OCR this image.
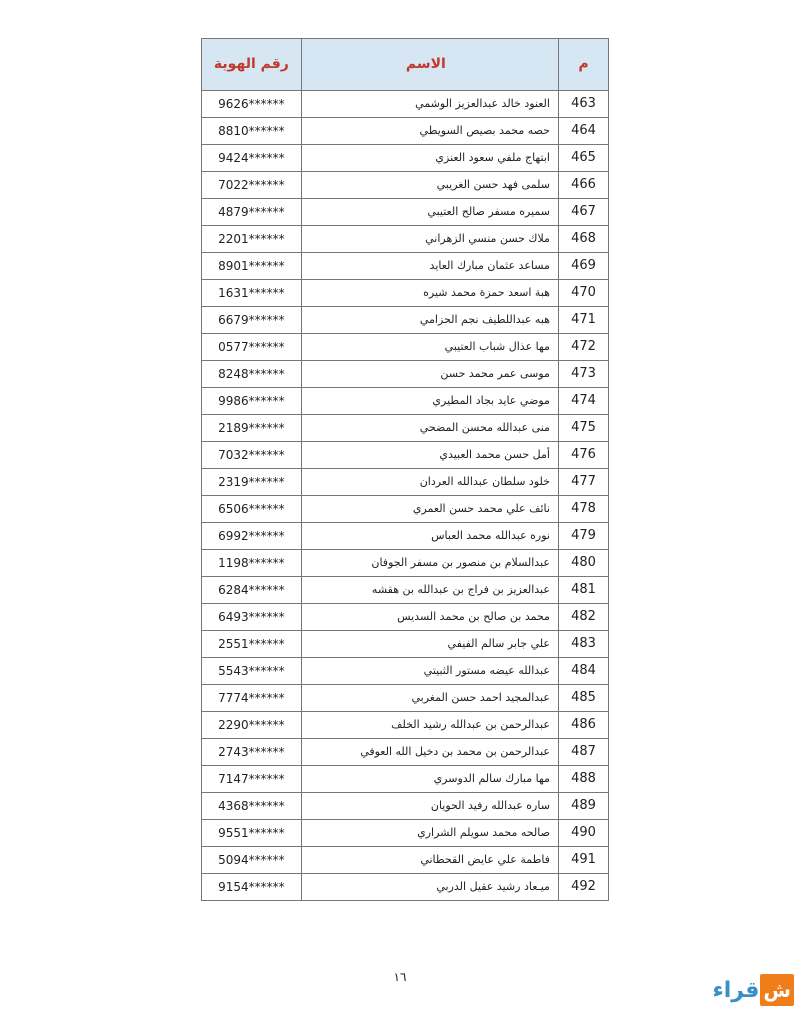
م	الاسم	رقم الهوية
463	العنود خالد عبدالعزيز الوشمي	9626******
464	حصه محمد بصيص السويطي	8810******
465	ابتهاج ملفي سعود العنزي	9424******
466	سلمى فهد حسن الغريبي	7022******
467	سميره مسفر صالح العتيبي	4879******
468	ملاك حسن منسي الزهراني	2201******
469	مساعد عثمان مبارك العايد	8901******
470	هبة اسعد حمزة محمد شيره	1631******
471	هبه عبداللطيف نجم الحزامي	6679******
472	مها عذال شباب العتيبي	0577******
473	موسى عمر محمد حسن	8248******
474	موضي عايد بجاد المطيري	9986******
475	منى عبدالله محسن المضحي	2189******
476	أمل حسن محمد العبيدي	7032******
477	خلود سلطان عبدالله العردان	2319******
478	نائف علي محمد حسن العمري	6506******
479	نوره عبدالله محمد العباس	6992******
480	عبدالسلام بن منصور بن مسفر الجوفان	1198******
481	عبدالعزيز بن فراج بن عبدالله بن هقشه	6284******
482	محمد بن صالح بن محمد السديس	6493******
483	علي جابر سالم الفيفي	2551******
484	عبدالله عيضه مستور الثبيتي	5543******
485	عبدالمجيد احمد حسن المغربي	7774******
486	عبدالرحمن بن عبدالله رشيد الخلف	2290******
487	عبدالرحمن بن محمد بن دخيل الله العوفي	2743******
488	مها مبارك سالم الدوسري	7147******
489	ساره عبدالله رفيد الحويان	4368******
490	صالحه محمد سويلم الشراري	9551******
491	فاطمة علي عايض القحطاني	5094******
492	ميـعاد رشيد عقيل الدربي	9154******
١٦
ش
قراء
